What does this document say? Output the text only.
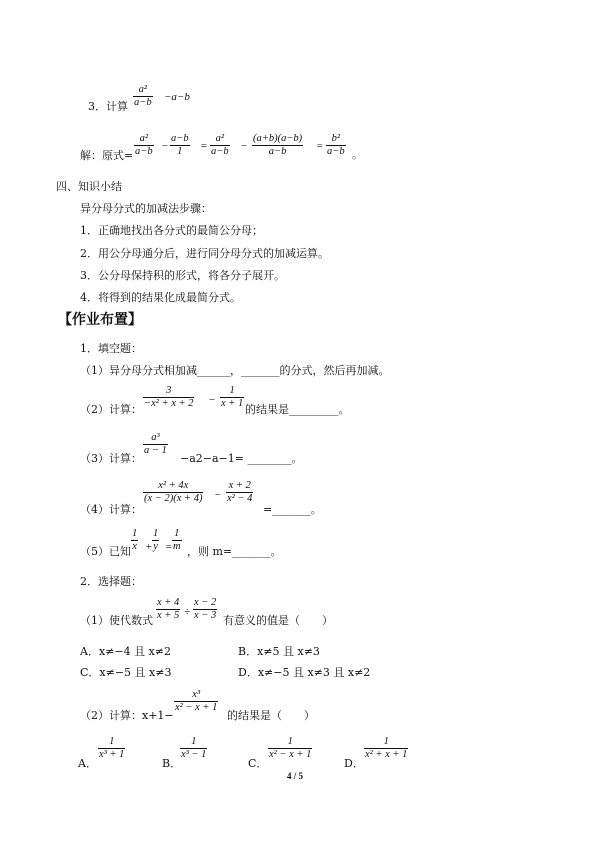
3．计算 $\frac{\text{a²}}{a-b} -a-b$
解：原式= $\frac{\text{a²}}{a-b} - \frac{a-b}{1} = \frac{\text{a²}}{a-b} - \frac{(a+b)(a-b)}{a-b} = \frac{\text{b²}}{a-b}$ 。
四、知识小结
异分母分式的加减法步骤：
1．正确地找出各分式的最简公分母；
2．用公分母通分后，进行同分母分式的加减运算。
3．公分母保持积的形式，将各分子展开。
4．将得到的结果化成最简分式。
【作业布置】
1．填空题：
（1）异分母分式相加减______，_______的分式，然后再加减。
（2）计算： $\frac{3}{\text{−x² + x + 2}} - \frac{1}{x + 1}$ 的结果是_________。
（3）计算：
$\frac{\text{a³}}{a - 1}$
−a2−a−1= ________。
（4）计算：
$\frac{\text{x² + 4x}}{(x - 2)(x + 4)} - \frac{x + 2}{\text{x² − 4}}$
=_______。
（5）已知 $\frac{1}{x} + \frac{1}{y} = \frac{1}{m}$ ，则 m=_______。
2．选择题：
（1）使代数式 $\frac{x + 4}{x + 5} \div \frac{x - 2}{x - 3}$ 有意义的值是（　　）
A．x≠−4 且 x≠2	B．x≠5 且 x≠3
C．x≠−5 且 x≠3	D．x≠−5 且 x≠3 且 x≠2
（2）计算：x+1−
$\frac{\text{x³}}{\text{x² − x + 1}}$
的结果是（　　）
A．
$\frac{1}{\text{x³ + 1}}$
B．
$\frac{1}{\text{x³ − 1}}$
C．
$\frac{1}{\text{x² − x + 1}}$
D．
$\frac{1}{\text{x² + x + 1}}$
4 / 5
